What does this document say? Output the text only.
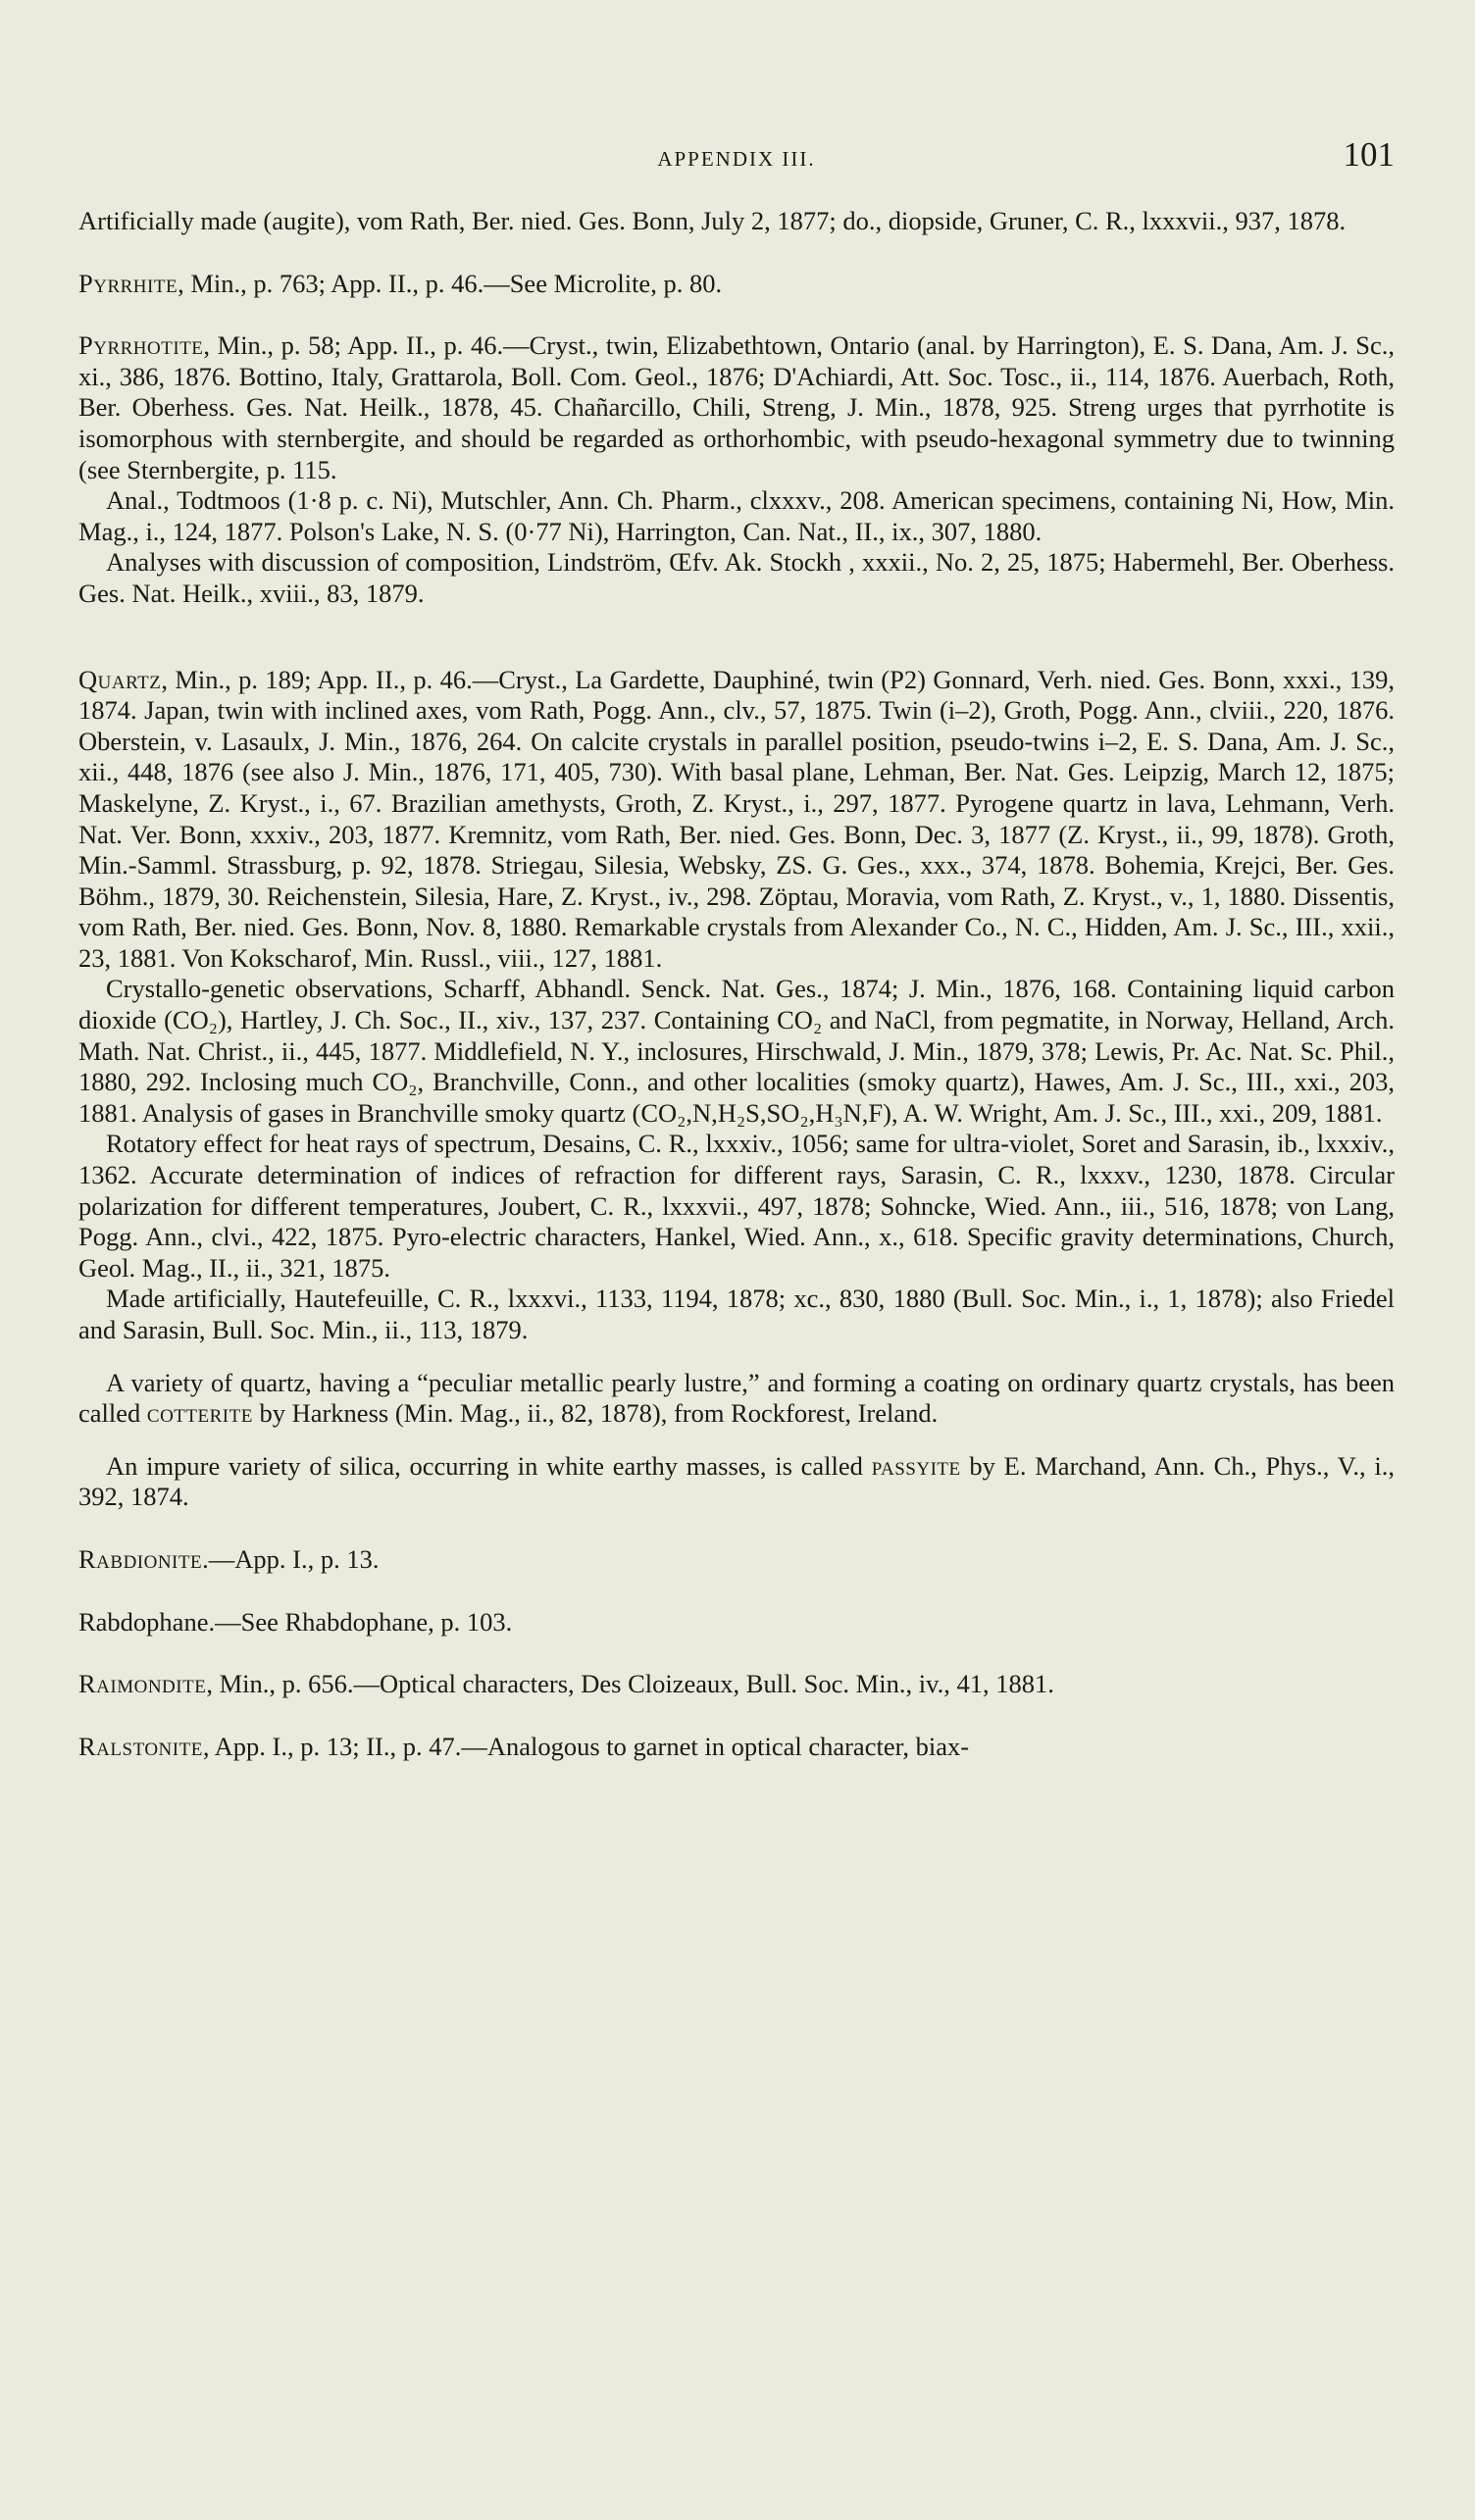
APPENDIX III.	101

Artificially made (augite), vom Rath, Ber. nied. Ges. Bonn, July 2, 1877; do., diopside, Gruner, C. R., lxxxvii., 937, 1878.

Pyrrhite, Min., p. 763; App. II., p. 46.—See Microlite, p. 80.

Pyrrhotite, Min., p. 58; App. II., p. 46.—Cryst., twin, Elizabethtown, Ontario (anal. by Harrington), E. S. Dana, Am. J. Sc., xi., 386, 1876. Bottino, Italy, Grattarola, Boll. Com. Geol., 1876; D'Achiardi, Att. Soc. Tosc., ii., 114, 1876. Auerbach, Roth, Ber. Oberhess. Ges. Nat. Heilk., 1878, 45. Chañarcillo, Chili, Streng, J. Min., 1878, 925. Streng urges that pyrrhotite is isomorphous with sternbergite, and should be regarded as orthorhombic, with pseudo-hexagonal symmetry due to twinning (see Sternbergite, p. 115.

Anal., Todtmoos (1·8 p. c. Ni), Mutschler, Ann. Ch. Pharm., clxxxv., 208. American specimens, containing Ni, How, Min. Mag., i., 124, 1877. Polson's Lake, N. S. (0·77 Ni), Harrington, Can. Nat., II., ix., 307, 1880.

Analyses with discussion of composition, Lindström, Œfv. Ak. Stockh , xxxii., No. 2, 25, 1875; Habermehl, Ber. Oberhess. Ges. Nat. Heilk., xviii., 83, 1879.

Quartz, Min., p. 189; App. II., p. 46.—Cryst., La Gardette, Dauphiné, twin (P2) Gonnard, Verh. nied. Ges. Bonn, xxxi., 139, 1874. Japan, twin with inclined axes, vom Rath, Pogg. Ann., clv., 57, 1875. Twin (i–2), Groth, Pogg. Ann., clviii., 220, 1876. Oberstein, v. Lasaulx, J. Min., 1876, 264. On calcite crystals in parallel position, pseudo-twins i–2, E. S. Dana, Am. J. Sc., xii., 448, 1876 (see also J. Min., 1876, 171, 405, 730). With basal plane, Lehman, Ber. Nat. Ges. Leipzig, March 12, 1875; Maskelyne, Z. Kryst., i., 67. Brazilian amethysts, Groth, Z. Kryst., i., 297, 1877. Pyrogene quartz in lava, Lehmann, Verh. Nat. Ver. Bonn, xxxiv., 203, 1877. Kremnitz, vom Rath, Ber. nied. Ges. Bonn, Dec. 3, 1877 (Z. Kryst., ii., 99, 1878). Groth, Min.-Samml. Strassburg, p. 92, 1878. Striegau, Silesia, Websky, ZS. G. Ges., xxx., 374, 1878. Bohemia, Krejci, Ber. Ges. Böhm., 1879, 30. Reichenstein, Silesia, Hare, Z. Kryst., iv., 298. Zöptau, Moravia, vom Rath, Z. Kryst., v., 1, 1880. Dissentis, vom Rath, Ber. nied. Ges. Bonn, Nov. 8, 1880. Remarkable crystals from Alexander Co., N. C., Hidden, Am. J. Sc., III., xxii., 23, 1881. Von Kokscharof, Min. Russl., viii., 127, 1881.

Crystallo-genetic observations, Scharff, Abhandl. Senck. Nat. Ges., 1874; J. Min., 1876, 168. Containing liquid carbon dioxide (CO₂), Hartley, J. Ch. Soc., II., xiv., 137, 237. Containing CO₂ and NaCl, from pegmatite, in Norway, Helland, Arch. Math. Nat. Christ., ii., 445, 1877. Middlefield, N. Y., inclosures, Hirschwald, J. Min., 1879, 378; Lewis, Pr. Ac. Nat. Sc. Phil., 1880, 292. Inclosing much CO₂, Branchville, Conn., and other localities (smoky quartz), Hawes, Am. J. Sc., III., xxi., 203, 1881. Analysis of gases in Branchville smoky quartz (CO₂,N,H₂S,SO₂,H₃N,F), A. W. Wright, Am. J. Sc., III., xxi., 209, 1881.

Rotatory effect for heat rays of spectrum, Desains, C. R., lxxxiv., 1056; same for ultra-violet, Soret and Sarasin, ib., lxxxiv., 1362. Accurate determination of indices of refraction for different rays, Sarasin, C. R., lxxxv., 1230, 1878. Circular polarization for different temperatures, Joubert, C. R., lxxxvii., 497, 1878; Sohncke, Wied. Ann., iii., 516, 1878; von Lang, Pogg. Ann., clvi., 422, 1875. Pyro-electric characters, Hankel, Wied. Ann., x., 618. Specific gravity determinations, Church, Geol. Mag., II., ii., 321, 1875.

Made artificially, Hautefeuille, C. R., lxxxvi., 1133, 1194, 1878; xc., 830, 1880 (Bull. Soc. Min., i., 1, 1878); also Friedel and Sarasin, Bull. Soc. Min., ii., 113, 1879.

A variety of quartz, having a “peculiar metallic pearly lustre,” and forming a coating on ordinary quartz crystals, has been called cotterite by Harkness (Min. Mag., ii., 82, 1878), from Rockforest, Ireland.

An impure variety of silica, occurring in white earthy masses, is called passyite by E. Marchand, Ann. Ch., Phys., V., i., 392, 1874.

Rabdionite.—App. I., p. 13.

Rabdophane.—See Rhabdophane, p. 103.

Raimondite, Min., p. 656.—Optical characters, Des Cloizeaux, Bull. Soc. Min., iv., 41, 1881.

Ralstonite, App. I., p. 13; II., p. 47.—Analogous to garnet in optical character, biax-
